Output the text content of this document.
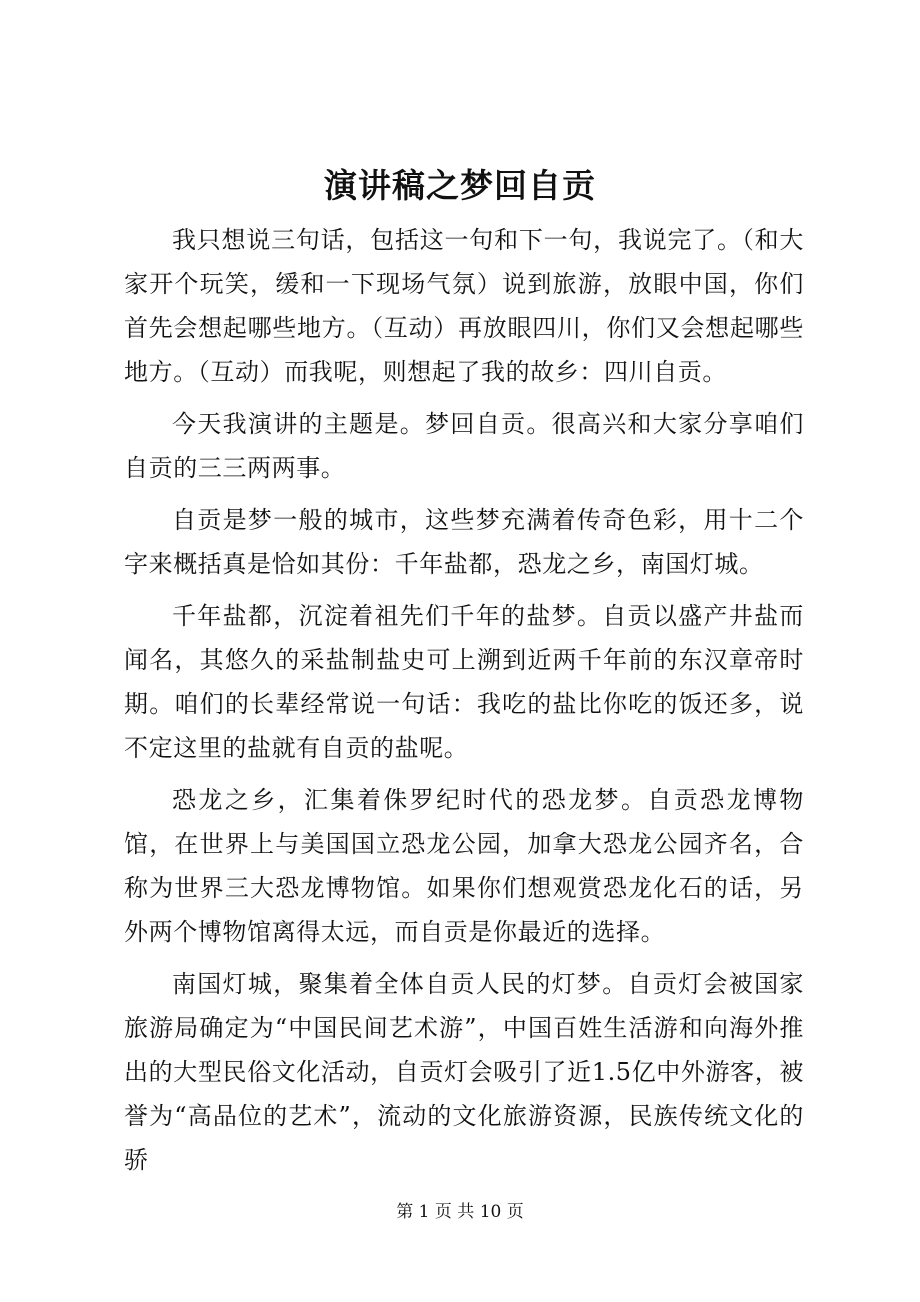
演讲稿之梦回自贡

我只想说三句话，包括这一句和下一句，我说完了。（和大家开个玩笑，缓和一下现场气氛）说到旅游，放眼中国，你们首先会想起哪些地方。（互动）再放眼四川，你们又会想起哪些地方。（互动）而我呢，则想起了我的故乡：四川自贡。

今天我演讲的主题是。梦回自贡。很高兴和大家分享咱们自贡的三三两两事。

自贡是梦一般的城市，这些梦充满着传奇色彩，用十二个字来概括真是恰如其份：千年盐都，恐龙之乡，南国灯城。

千年盐都，沉淀着祖先们千年的盐梦。自贡以盛产井盐而闻名，其悠久的采盐制盐史可上溯到近两千年前的东汉章帝时期。咱们的长辈经常说一句话：我吃的盐比你吃的饭还多，说不定这里的盐就有自贡的盐呢。

恐龙之乡，汇集着侏罗纪时代的恐龙梦。自贡恐龙博物馆，在世界上与美国国立恐龙公园，加拿大恐龙公园齐名，合称为世界三大恐龙博物馆。如果你们想观赏恐龙化石的话，另外两个博物馆离得太远，而自贡是你最近的选择。

南国灯城，聚集着全体自贡人民的灯梦。自贡灯会被国家旅游局确定为“中国民间艺术游”，中国百姓生活游和向海外推出的大型民俗文化活动，自贡灯会吸引了近1.5亿中外游客，被誉为“高品位的艺术”，流动的文化旅游资源，民族传统文化的骄

第 1 页 共 10 页
